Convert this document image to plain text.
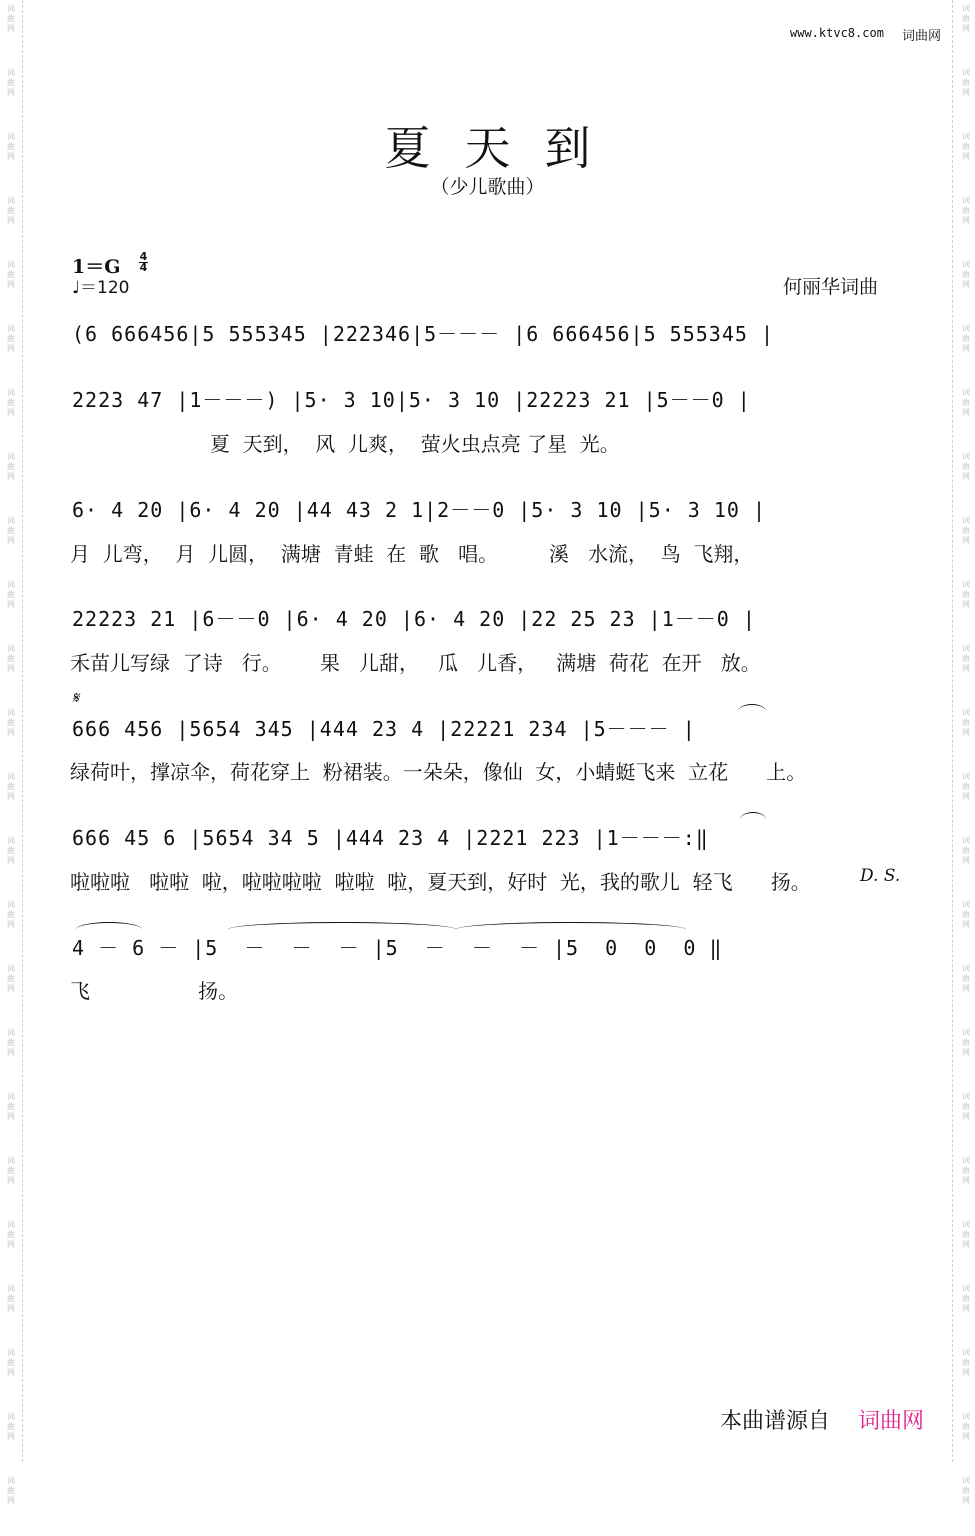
词
曲
网
词
曲
网
词
曲
网
词
曲
网
词
曲
网
词
曲
网
词
曲
网
词
曲
网
词
曲
网
词
曲
网
词
曲
网
词
曲
网
词
曲
网
词
曲
网
词
曲
网
词
曲
网
词
曲
网
词
曲
网
词
曲
网
词
曲
网
词
曲
网
词
曲
网
词
曲
网
词
曲
网
词
曲
网
词
曲
网
词
曲
网
词
曲
网
词
曲
网
词
曲
网
词
曲
网
词
曲
网
词
曲
网
词
曲
网
词
曲
网
词
曲
网
词
曲
网
词
曲
网
词
曲
网
词
曲
网
词
曲
网
词
曲
网
词
曲
网
词
曲
网
词
曲
网
词
曲
网
词
曲
网
词
曲
网
www.ktvc8.com 词曲网
夏天到
（少儿歌曲）
1＝G 4
4
♩＝120	何丽华词曲
(6 666456|5 555345 |222346|5－－－ |6 666456|5 555345 |
2223 47 |1－－－) |5· 3 10|5· 3 10 |22223 21 |5－－0 |
夏  天到，  风  儿爽，  萤火虫点亮 了星  光。
6· 4 20 |6· 4 20 |44 43 2 1|2－－0 |5· 3 10 |5· 3 10 |
月  儿弯，  月  儿圆，  满塘  青蛙  在  歌   唱。        溪   水流，  鸟  飞翔，
22223 21 |6－－0 |6· 4 20 |6· 4 20 |22 25 23 |1－－0 |
禾苗儿写绿  了诗   行。      果   儿甜，   瓜   儿香，   满塘  荷花  在开   放。
𝄋
666 456 |5654 345 |444 23 4 |22221 234 |5－－－ |
绿荷叶，撑凉伞，荷花穿上  粉裙装。一朵朵，像仙  女，小蜻蜓飞来  立花      上。
666 45 6 |5654 34 5 |444 23 4 |2221 223 |1－－－:‖
啦啦啦   啦啦  啦，啦啦啦啦  啦啦  啦，夏天到，好时  光，我的歌儿  轻飞      扬。	D. S.
4 － 6 － |5  －  －  － |5  －  －  － |5  0  0  0 ‖
飞                 扬。
本曲谱源自 词曲网
